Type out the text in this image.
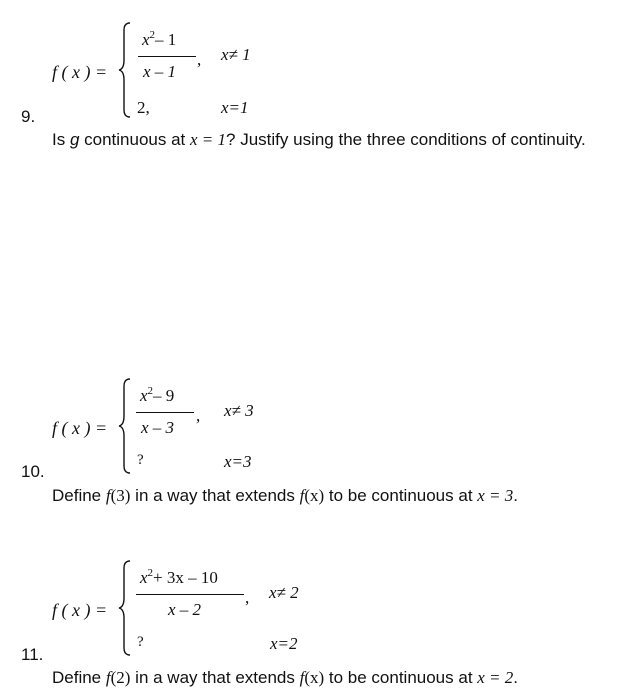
f ( x ) =
$x^2-$ 1
x – 1
, x≠ 1
2,	x=1
9.
Is g continuous at x = 1? Justify using the three conditions of continuity.
f ( x ) =
$x^2-$ 9
x – 3
, x≠ 3
?	x=3
10.
Define f(3) in a way that extends f(x) to be continuous at x = 3.
f ( x ) =
$x^2+ 3x - 10$
x – 2
, x≠ 2
?	x=2
11.
Define f(2) in a way that extends f(x) to be continuous at x = 2.
